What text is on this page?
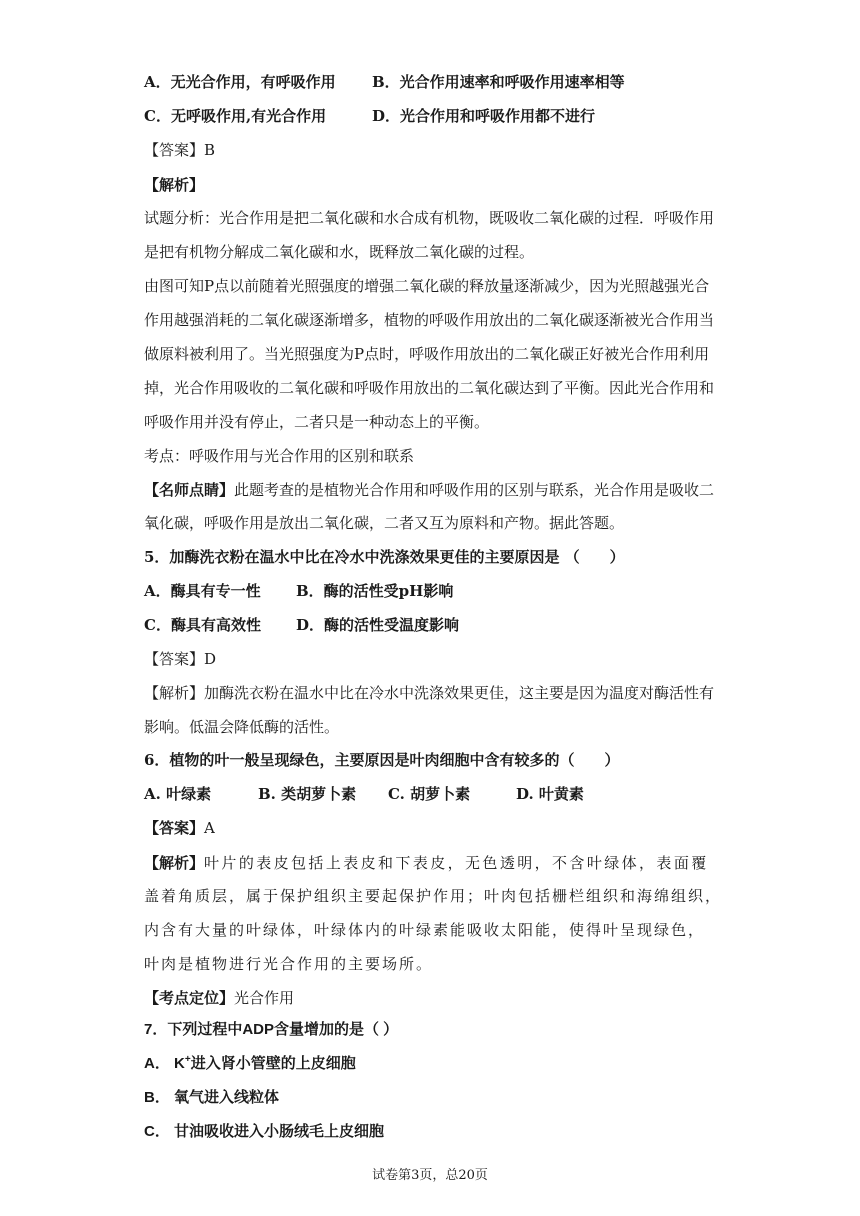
A．无光合作用，有呼吸作用 B．光合作用速率和呼吸作用速率相等
C．无呼吸作用,有光合作用	D．光合作用和呼吸作用都不进行
【答案】B
【解析】
试题分析：光合作用是把二氧化碳和水合成有机物，既吸收二氧化碳的过程．呼吸作用
是把有机物分解成二氧化碳和水，既释放二氧化碳的过程。
由图可知P点以前随着光照强度的增强二氧化碳的释放量逐渐减少，因为光照越强光合
作用越强消耗的二氧化碳逐渐增多，植物的呼吸作用放出的二氧化碳逐渐被光合作用当
做原料被利用了。当光照强度为P点时，呼吸作用放出的二氧化碳正好被光合作用利用
掉，光合作用吸收的二氧化碳和呼吸作用放出的二氧化碳达到了平衡。因此光合作用和
呼吸作用并没有停止，二者只是一种动态上的平衡。
考点：呼吸作用与光合作用的区别和联系
【名师点睛】此题考查的是植物光合作用和呼吸作用的区别与联系，光合作用是吸收二
氧化碳，呼吸作用是放出二氧化碳，二者又互为原料和产物。据此答题。
5．加酶洗衣粉在温水中比在冷水中洗涤效果更佳的主要原因是 （　　）
A．酶具有专一性 B．酶的活性受pH影响
C．酶具有高效性 D．酶的活性受温度影响
【答案】D
【解析】加酶洗衣粉在温水中比在冷水中洗涤效果更佳，这主要是因为温度对酶活性有
影响。低温会降低酶的活性。
6．植物的叶一般呈现绿色，主要原因是叶肉细胞中含有较多的（　　）
A. 叶绿素	B. 类胡萝卜素 C. 胡萝卜素	D. 叶黄素
【答案】A
【解析】叶片的表皮包括上表皮和下表皮，无色透明，不含叶绿体，表面覆
盖着角质层，属于保护组织主要起保护作用；叶肉包括栅栏组织和海绵组织，
内含有大量的叶绿体，叶绿体内的叶绿素能吸收太阳能，使得叶呈现绿色，
叶肉是植物进行光合作用的主要场所。
【考点定位】光合作用
7．下列过程中ADP含量增加的是（ ）
A． K+进入肾小管壁的上皮细胞
B． 氧气进入线粒体
C． 甘油吸收进入小肠绒毛上皮细胞
试卷第3页，总20页
